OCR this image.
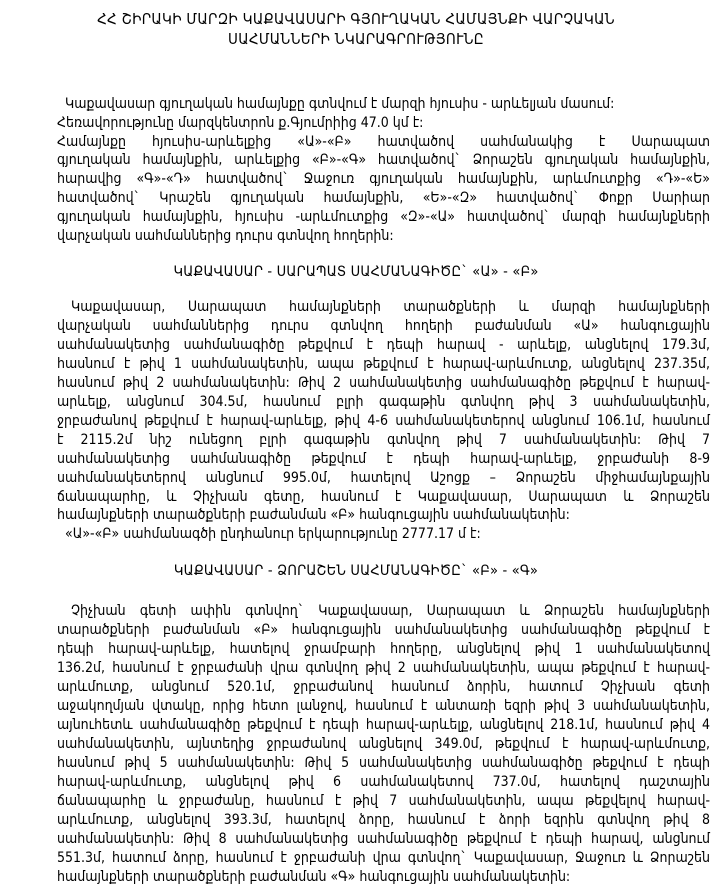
ՀՀ ՇԻՐԱԿԻ ՄԱՐԶԻ ԿԱՔԱՎԱՍԱՐԻ ԳՅՈՒՂԱԿԱՆ ՀԱՄԱՅՆՔԻ ՎԱՐՉԱԿԱՆ
ՍԱՀՄԱՆՆԵՐԻ ՆԿԱՐԱԳՐՈՒԹՅՈՒՆԸ
Կաքավասար գյուղական համայնքը գտնվում է մարզի հյուսիս - արևելյան մասում:
Հեռավորությունը մարզկենտրոն ք.Գյումրիից 47.0 կմ է:
Համայնքը հյուսիս-արևելքից «Ա»-«Բ» հատվածով սահմանակից է Սարապատ
գյուղական համայնքին, արևելքից «Բ»-«Գ» հատվածով` Ձորաշեն գյուղական համայնքին,
հարավից «Գ»-«Դ» հատվածով` Ջաջուռ գյուղական համայնքին, արևմուտքից «Դ»-«Ե»
հատվածով` Կրաշեն գյուղական համայնքին, «Ե»-«Զ» հատվածով` Փոքր Սարիար
գյուղական համայնքին, հյուսիս -արևմուտքից «Զ»-«Ա» հատվածով` մարզի համայնքների
վարչական սահմաններից դուրս գտնվող հողերին:
ԿԱՔԱՎԱՍԱՐ - ՍԱՐԱՊԱՏ ՍԱՀՄԱՆԱԳԻԾԸ` «Ա» - «Բ»
Կաքավասար, Սարապատ համայնքների տարածքների և մարզի համայնքների
վարչական սահմաններից դուրս գտնվող հողերի բաժանման «Ա» հանգուցային
սահմանակետից սահմանագիծը թեքվում է դեպի հարավ - արևելք, անցնելով 179.3մ,
հասնում է թիվ 1 սահմանակետին, ապա թեքվում է հարավ-արևմուտք, անցնելով 237.35մ,
հասնում թիվ 2 սահմանակետին: Թիվ 2 սահմանակետից սահմանագիծը թեքվում է հարավ-
արևելք, անցնում 304.5մ, հասնում բլրի գագաթին գտնվող թիվ 3 սահմանակետին,
ջրբաժանով թեքվում է հարավ-արևելք, թիվ 4-6 սահմանակետերով անցնում 106.1մ, հասնում
է 2115.2մ նիշ ունեցող բլրի գագաթին գտնվող թիվ 7 սահմանակետին: Թիվ 7
սահմանակետից սահմանագիծը թեքվում է դեպի հարավ-արևելք, ջրբաժանի 8-9
սահմանակետերով անցնում 995.0մ, հատելով Աշոցք – Ձորաշեն միջհամայնքային
ճանապարհը, և Չիչխան գետը, հասնում է Կաքավասար, Սարապատ և Ձորաշեն
համայնքների տարածքների բաժանման «Բ» հանգուցային սահմանակետին:
«Ա»-«Բ» սահմանագծի ընդհանուր երկարությունը 2777.17 մ է:
ԿԱՔԱՎԱՍԱՐ - ՁՈՐԱՇԵՆ ՍԱՀՄԱՆԱԳԻԾԸ` «Բ» - «Գ»
Չիչխան գետի ափին գտնվող` Կաքավասար, Սարապատ և Ձորաշեն համայնքների
տարածքների բաժանման «Բ» հանգուցային սահմանակետից սահմանագիծը թեքվում է
դեպի հարավ-արևելք, հատելով ջրամբարի հողերը, անցնելով թիվ 1 սահմանակետով
136.2մ, հասնում է ջրբաժանի վրա գտնվող թիվ 2 սահմանակետին, ապա թեքվում է հարավ-
արևմուտք, անցնում 520.1մ, ջրբաժանով հասնում ձորին, հատում Չիչխան գետի
աջակողմյան վտակը, որից հետո լանջով, հասնում է անտառի եզրի թիվ 3 սահմանակետին,
այնուհետև սահմանագիծը թեքվում է դեպի հարավ-արևելք, անցնելով 218.1մ, հասնում թիվ 4
սահմանակետին, այնտեղից ջրբաժանով անցնելով 349.0մ, թեքվում է հարավ-արևմուտք,
հասնում թիվ 5 սահմանակետին: Թիվ 5 սահմանակետից սահմանագիծը թեքվում է դեպի
հարավ-արևմուտք, անցնելով թիվ 6 սահմանակետով 737.0մ, հատելով դաշտային
ճանապարհը և ջրբաժանը, հասնում է թիվ 7 սահմանակետին, ապա թեքվելով հարավ-
արևմուտք, անցնելով 393.3մ, հատելով ձորը, հասնում է ձորի եզրին գտնվող թիվ 8
սահմանակետին: Թիվ 8 սահմանակետից սահմանագիծը թեքվում է դեպի հարավ, անցնում
551.3մ, հատում ձորը, հասնում է ջրբաժանի վրա գտնվող` Կաքավասար, Ջաջուռ և Ձորաշեն
համայնքների տարածքների բաժանման «Գ» հանգուցային սահմանակետին:
